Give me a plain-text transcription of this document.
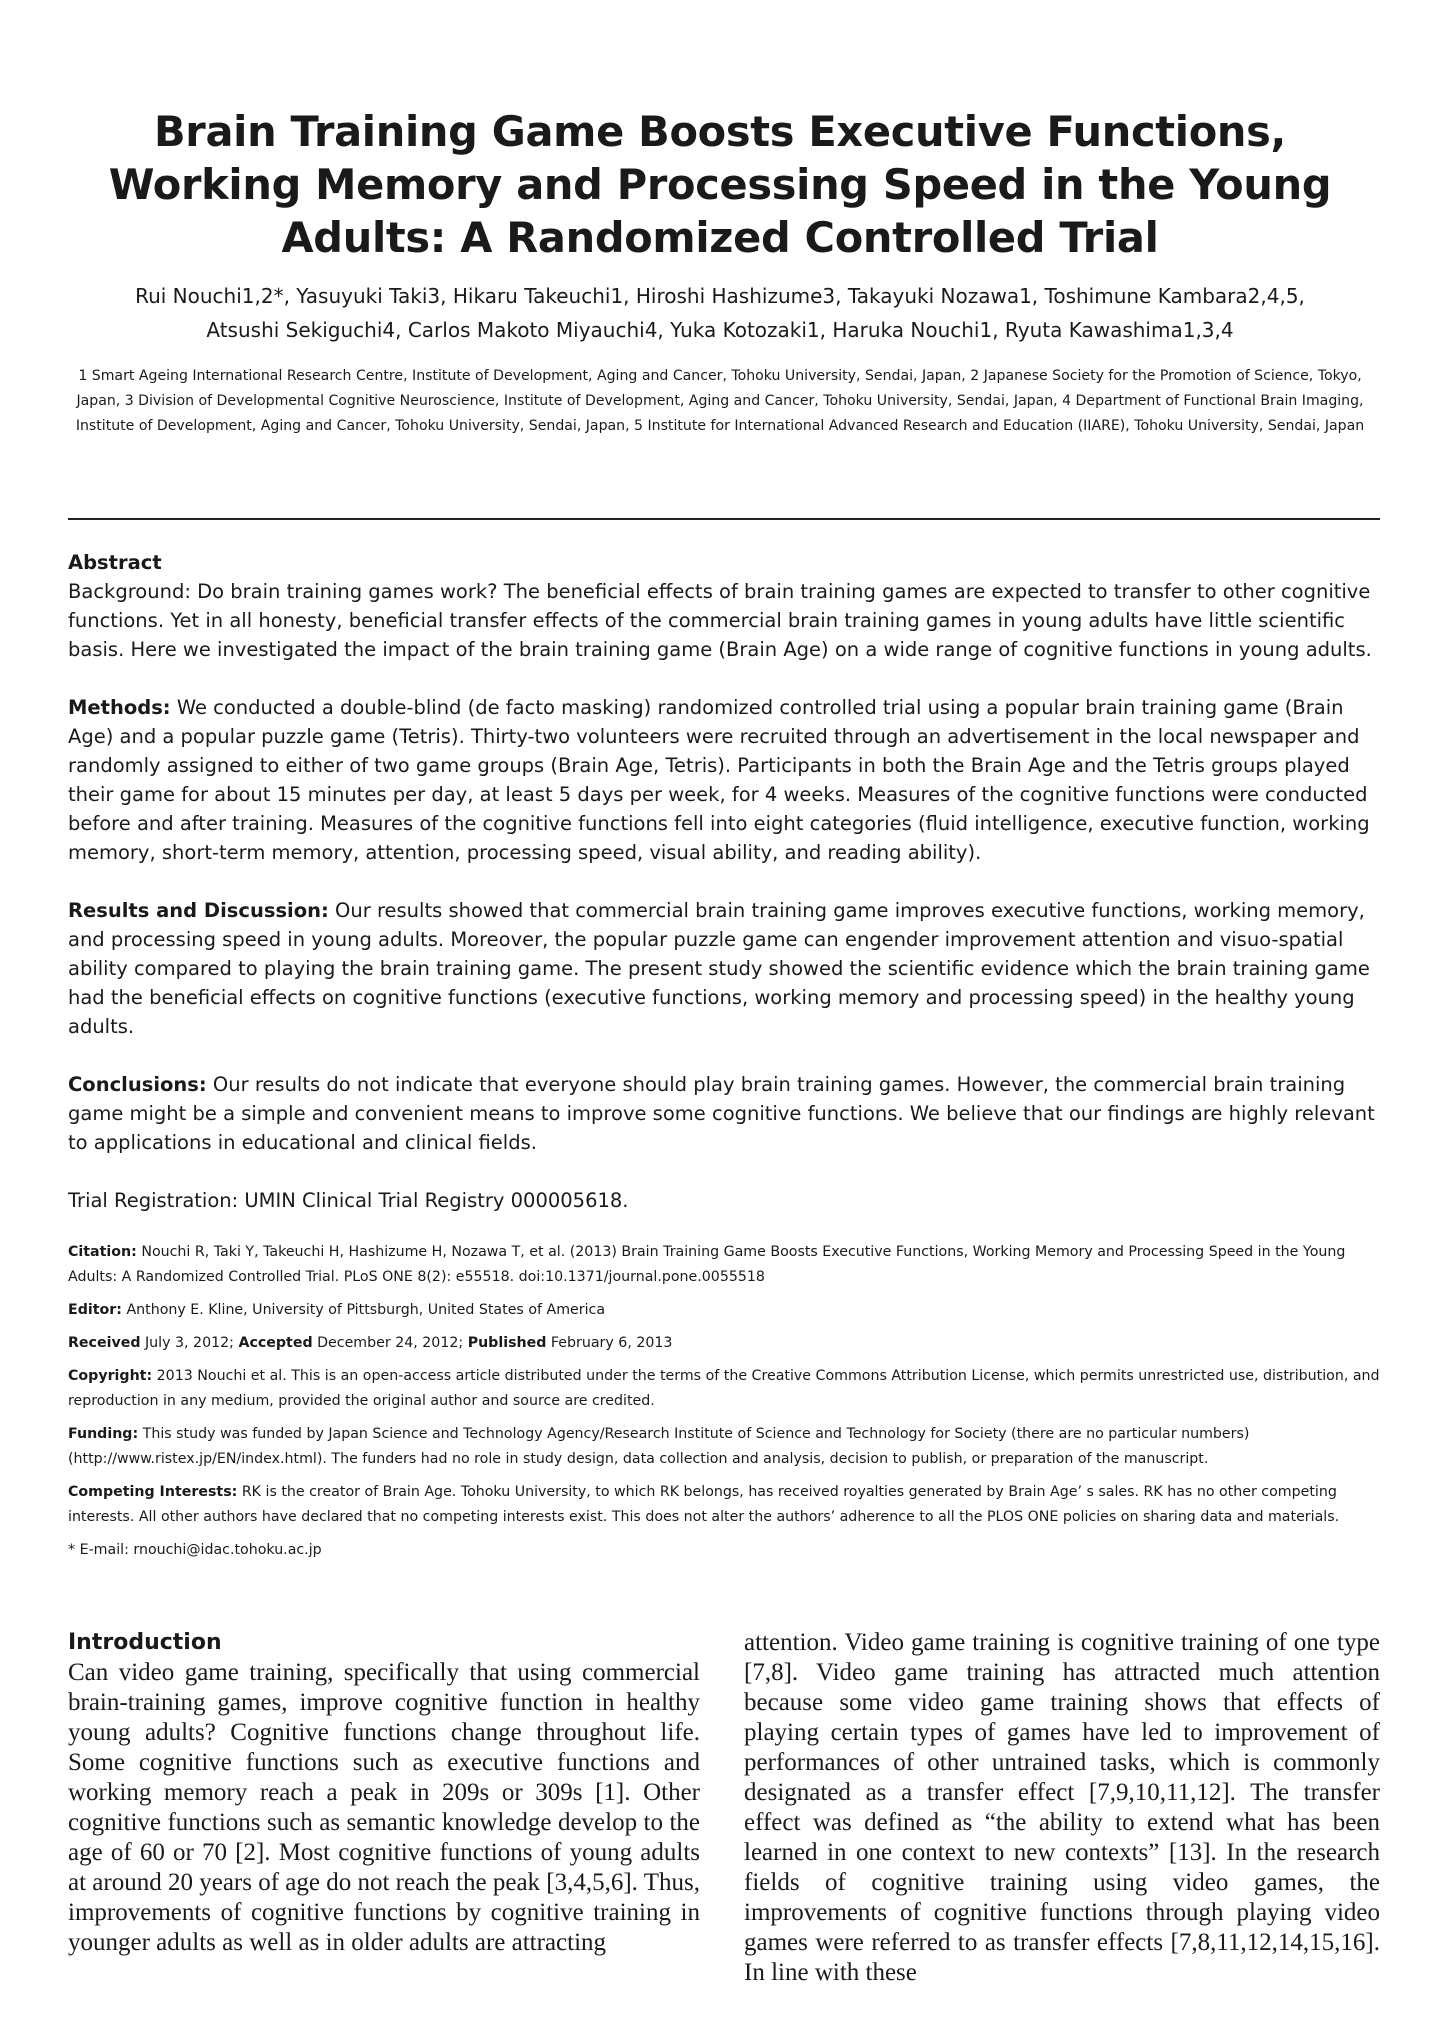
Brain Training Game Boosts Executive Functions, Working Memory and Processing Speed in the Young Adults: A Randomized Controlled Trial

Rui Nouchi1,2*, Yasuyuki Taki3, Hikaru Takeuchi1, Hiroshi Hashizume3, Takayuki Nozawa1, Toshimune Kambara2,4,5, Atsushi Sekiguchi4, Carlos Makoto Miyauchi4, Yuka Kotozaki1, Haruka Nouchi1, Ryuta Kawashima1,3,4

1 Smart Ageing International Research Centre, Institute of Development, Aging and Cancer, Tohoku University, Sendai, Japan, 2 Japanese Society for the Promotion of Science, Tokyo, Japan, 3 Division of Developmental Cognitive Neuroscience, Institute of Development, Aging and Cancer, Tohoku University, Sendai, Japan, 4 Department of Functional Brain Imaging, Institute of Development, Aging and Cancer, Tohoku University, Sendai, Japan, 5 Institute for International Advanced Research and Education (IIARE), Tohoku University, Sendai, Japan

Abstract

Background: Do brain training games work? The beneficial effects of brain training games are expected to transfer to other cognitive functions. Yet in all honesty, beneficial transfer effects of the commercial brain training games in young adults have little scientific basis. Here we investigated the impact of the brain training game (Brain Age) on a wide range of cognitive functions in young adults.

Methods: We conducted a double-blind (de facto masking) randomized controlled trial using a popular brain training game (Brain Age) and a popular puzzle game (Tetris). Thirty-two volunteers were recruited through an advertisement in the local newspaper and randomly assigned to either of two game groups (Brain Age, Tetris). Participants in both the Brain Age and the Tetris groups played their game for about 15 minutes per day, at least 5 days per week, for 4 weeks. Measures of the cognitive functions were conducted before and after training. Measures of the cognitive functions fell into eight categories (fluid intelligence, executive function, working memory, short-term memory, attention, processing speed, visual ability, and reading ability).

Results and Discussion: Our results showed that commercial brain training game improves executive functions, working memory, and processing speed in young adults. Moreover, the popular puzzle game can engender improvement attention and visuo-spatial ability compared to playing the brain training game. The present study showed the scientific evidence which the brain training game had the beneficial effects on cognitive functions (executive functions, working memory and processing speed) in the healthy young adults.

Conclusions: Our results do not indicate that everyone should play brain training games. However, the commercial brain training game might be a simple and convenient means to improve some cognitive functions. We believe that our findings are highly relevant to applications in educational and clinical fields.

Trial Registration: UMIN Clinical Trial Registry 000005618.

Citation: Nouchi R, Taki Y, Takeuchi H, Hashizume H, Nozawa T, et al. (2013) Brain Training Game Boosts Executive Functions, Working Memory and Processing Speed in the Young Adults: A Randomized Controlled Trial. PLoS ONE 8(2): e55518. doi:10.1371/journal.pone.0055518

Editor: Anthony E. Kline, University of Pittsburgh, United States of America

Received July 3, 2012; Accepted December 24, 2012; Published February 6, 2013

Copyright: 2013 Nouchi et al. This is an open-access article distributed under the terms of the Creative Commons Attribution License, which permits unrestricted use, distribution, and reproduction in any medium, provided the original author and source are credited.

Funding: This study was funded by Japan Science and Technology Agency/Research Institute of Science and Technology for Society (there are no particular numbers) (http://www.ristex.jp/EN/index.html). The funders had no role in study design, data collection and analysis, decision to publish, or preparation of the manuscript.

Competing Interests: RK is the creator of Brain Age. Tohoku University, to which RK belongs, has received royalties generated by Brain Age’ s sales. RK has no other competing interests. All other authors have declared that no competing interests exist. This does not alter the authors’ adherence to all the PLOS ONE policies on sharing data and materials.

* E-mail: rnouchi@idac.tohoku.ac.jp

Introduction

Can video game training, specifically that using commercial brain-training games, improve cognitive function in healthy young adults? Cognitive functions change throughout life. Some cognitive functions such as executive functions and working memory reach a peak in 209s or 309s [1]. Other cognitive functions such as semantic knowledge develop to the age of 60 or 70 [2]. Most cognitive functions of young adults at around 20 years of age do not reach the peak [3,4,5,6]. Thus, improvements of cognitive functions by cognitive training in younger adults as well as in older adults are attracting

attention. Video game training is cognitive training of one type [7,8]. Video game training has attracted much attention because some video game training shows that effects of playing certain types of games have led to improvement of performances of other untrained tasks, which is commonly designated as a transfer effect [7,9,10,11,12]. The transfer effect was defined as “the ability to extend what has been learned in one context to new contexts” [13]. In the research fields of cognitive training using video games, the improvements of cognitive functions through playing video games were referred to as transfer effects [7,8,11,12,14,15,16]. In line with these
